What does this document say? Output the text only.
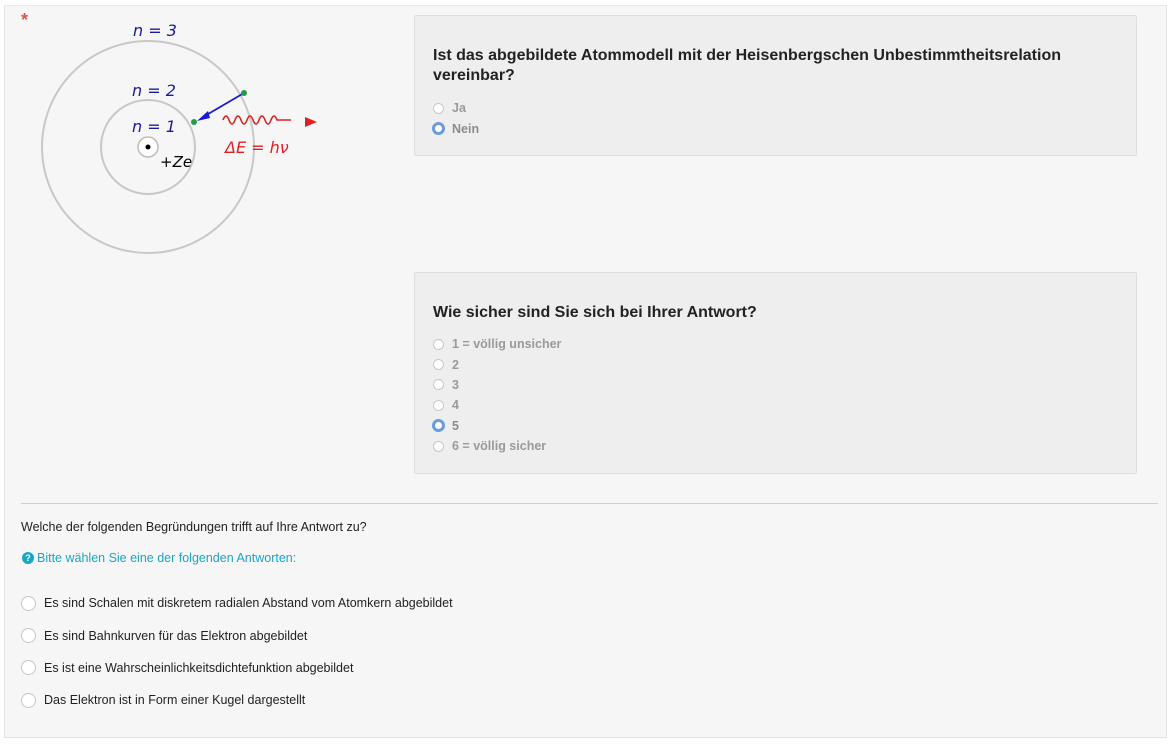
*
n = 3
n = 2
n = 1
+Ze
ΔE = hν
Ist das abgebildete Atommodell mit der Heisenbergschen Unbestimmtheitsrelation vereinbar?
Ja
Nein
Wie sicher sind Sie sich bei Ihrer Antwort?
1 = völlig unsicher
2
3
4
5
6 = völlig sicher
Welche der folgenden Begründungen trifft auf Ihre Antwort zu?
? Bitte wählen Sie eine der folgenden Antworten:
Es sind Schalen mit diskretem radialen Abstand vom Atomkern abgebildet
Es sind Bahnkurven für das Elektron abgebildet
Es ist eine Wahrscheinlichkeitsdichtefunktion abgebildet
Das Elektron ist in Form einer Kugel dargestellt
